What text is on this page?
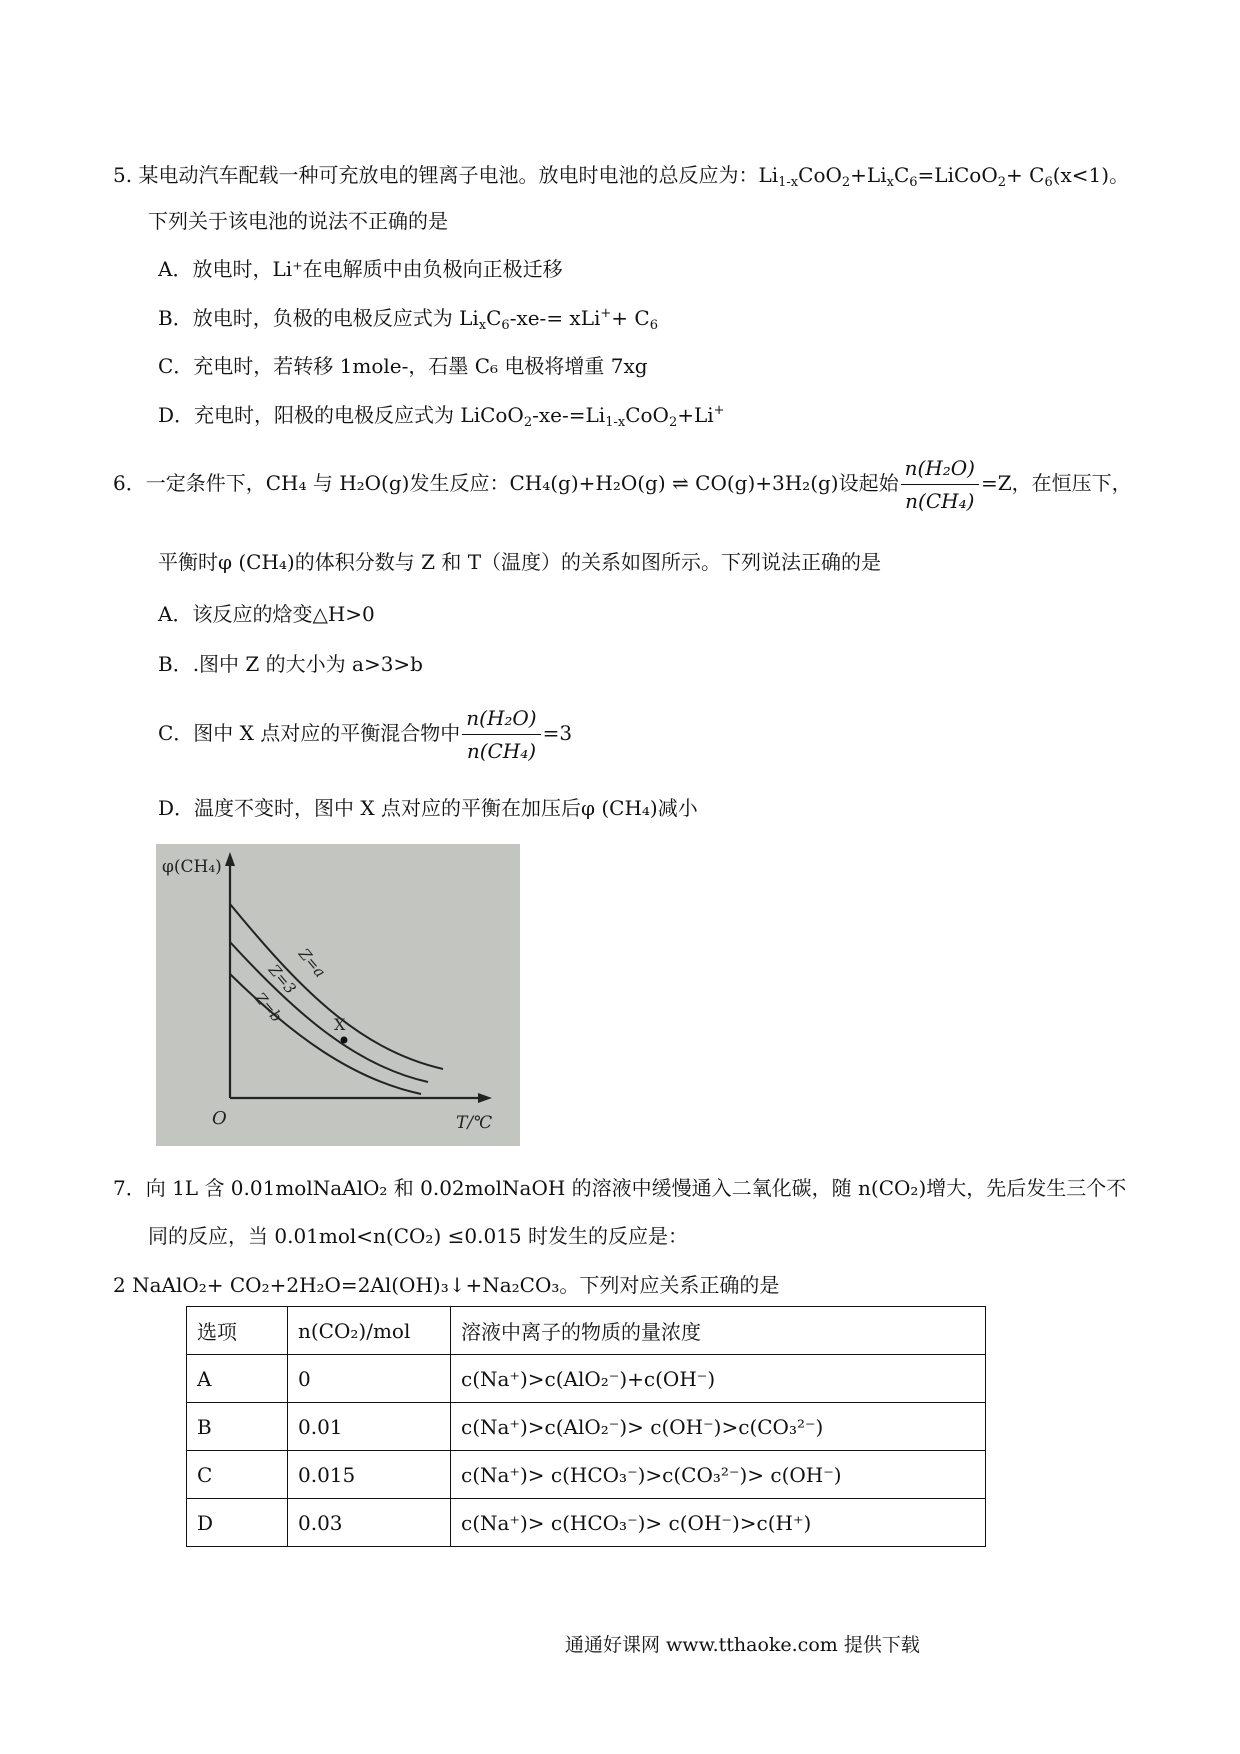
5. 某电动汽车配载一种可充放电的锂离子电池。放电时电池的总反应为：$Li_{1-x}CoO_2+Li_xC_6=LiCoO_2+ C_6(x<1)$。
下列关于该电池的说法不正确的是
A．放电时，Li⁺在电解质中由负极向正极迁移
B．放电时，负极的电极反应式为 $Li_xC_6-xe-= xLi^++ C_6$
C．充电时，若转移 1mole-，石墨 C₆ 电极将增重 7xg
D．充电时，阳极的电极反应式为 $LiCoO_2-xe-=Li_{1-x}CoO_2+Li^+$
6．一定条件下，CH₄ 与 H₂O(g)发生反应：CH₄(g)+H₂O(g) ⇌ CO(g)+3H₂(g)设起始 $\frac{\text{n(H₂O)}}{\text{n(CH₄)}} =Z$，在恒压下，
平衡时φ (CH₄)的体积分数与 Z 和 T（温度）的关系如图所示。下列说法正确的是
A．该反应的焓变△H>0
B．.图中 Z 的大小为 a>3>b
C．图中 X 点对应的平衡混合物中 $\frac{\text{n(H₂O)}}{\text{n(CH₄)}} =3$
D．温度不变时，图中 X 点对应的平衡在加压后φ (CH₄)减小
φ(CH₄)
T/℃
O
X
Z=a
Z=3
Z=b
7．向 1L 含 0.01molNaAlO₂ 和 0.02molNaOH 的溶液中缓慢通入二氧化碳，随 n(CO₂)增大，先后发生三个不
同的反应，当 0.01mol<n(CO₂) ≤0.015 时发生的反应是：
2 NaAlO₂+ CO₂+2H₂O=2Al(OH)₃↓+Na₂CO₃。下列对应关系正确的是
选项	n(CO₂)/mol	溶液中离子的物质的量浓度
A	0	c(Na⁺)>c(AlO₂⁻)+c(OH⁻)
B	0.01	c(Na⁺)>c(AlO₂⁻)> c(OH⁻)>c(CO₃²⁻)
C	0.015	c(Na⁺)> c(HCO₃⁻)>c(CO₃²⁻)> c(OH⁻)
D	0.03	c(Na⁺)> c(HCO₃⁻)> c(OH⁻)>c(H⁺)
通通好课网 www.tthaoke.com 提供下载
